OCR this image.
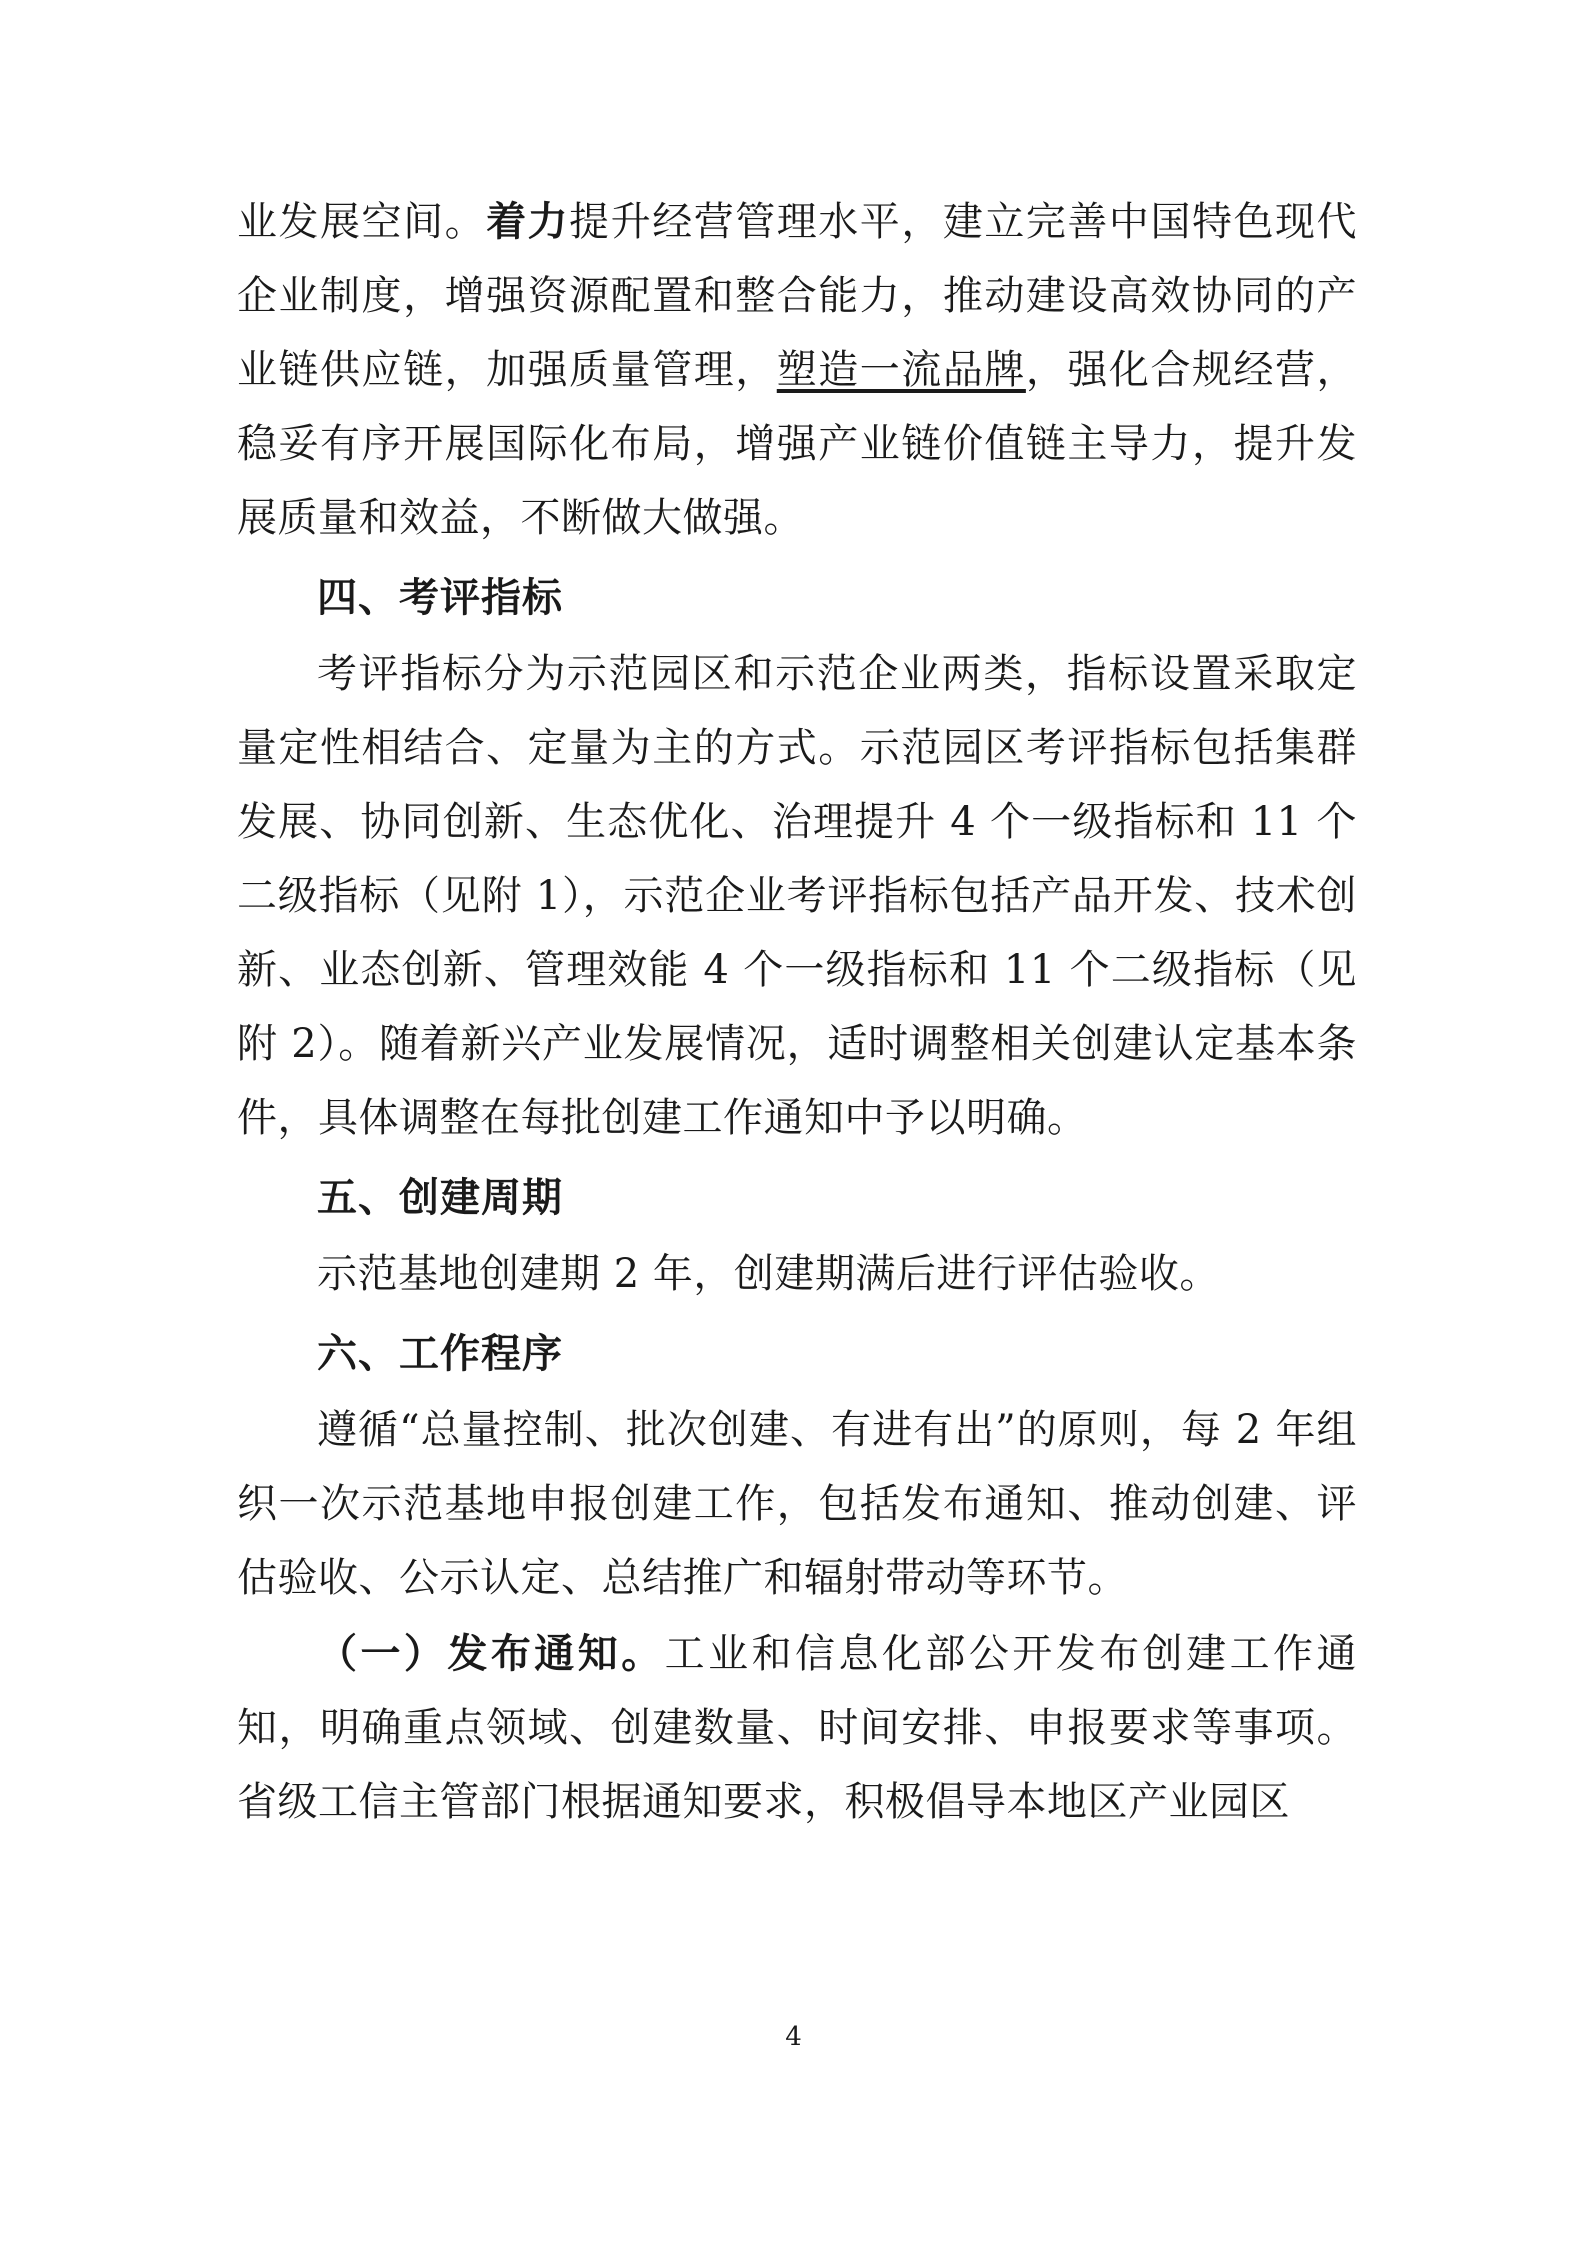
业发展空间。着力提升经营管理水平，建立完善中国特色现代企业制度，增强资源配置和整合能力，推动建设高效协同的产业链供应链，加强质量管理，塑造一流品牌，强化合规经营，稳妥有序开展国际化布局，增强产业链价值链主导力，提升发展质量和效益，不断做大做强。
四、考评指标
考评指标分为示范园区和示范企业两类，指标设置采取定量定性相结合、定量为主的方式。示范园区考评指标包括集群发展、协同创新、生态优化、治理提升 4 个一级指标和 11 个二级指标（见附 1），示范企业考评指标包括产品开发、技术创新、业态创新、管理效能 4 个一级指标和 11 个二级指标（见附 2）。随着新兴产业发展情况，适时调整相关创建认定基本条件，具体调整在每批创建工作通知中予以明确。
五、创建周期
示范基地创建期 2 年，创建期满后进行评估验收。
六、工作程序
遵循“总量控制、批次创建、有进有出”的原则，每 2 年组织一次示范基地申报创建工作，包括发布通知、推动创建、评估验收、公示认定、总结推广和辐射带动等环节。
（一）发布通知。工业和信息化部公开发布创建工作通知，明确重点领域、创建数量、时间安排、申报要求等事项。省级工信主管部门根据通知要求，积极倡导本地区产业园区
4
